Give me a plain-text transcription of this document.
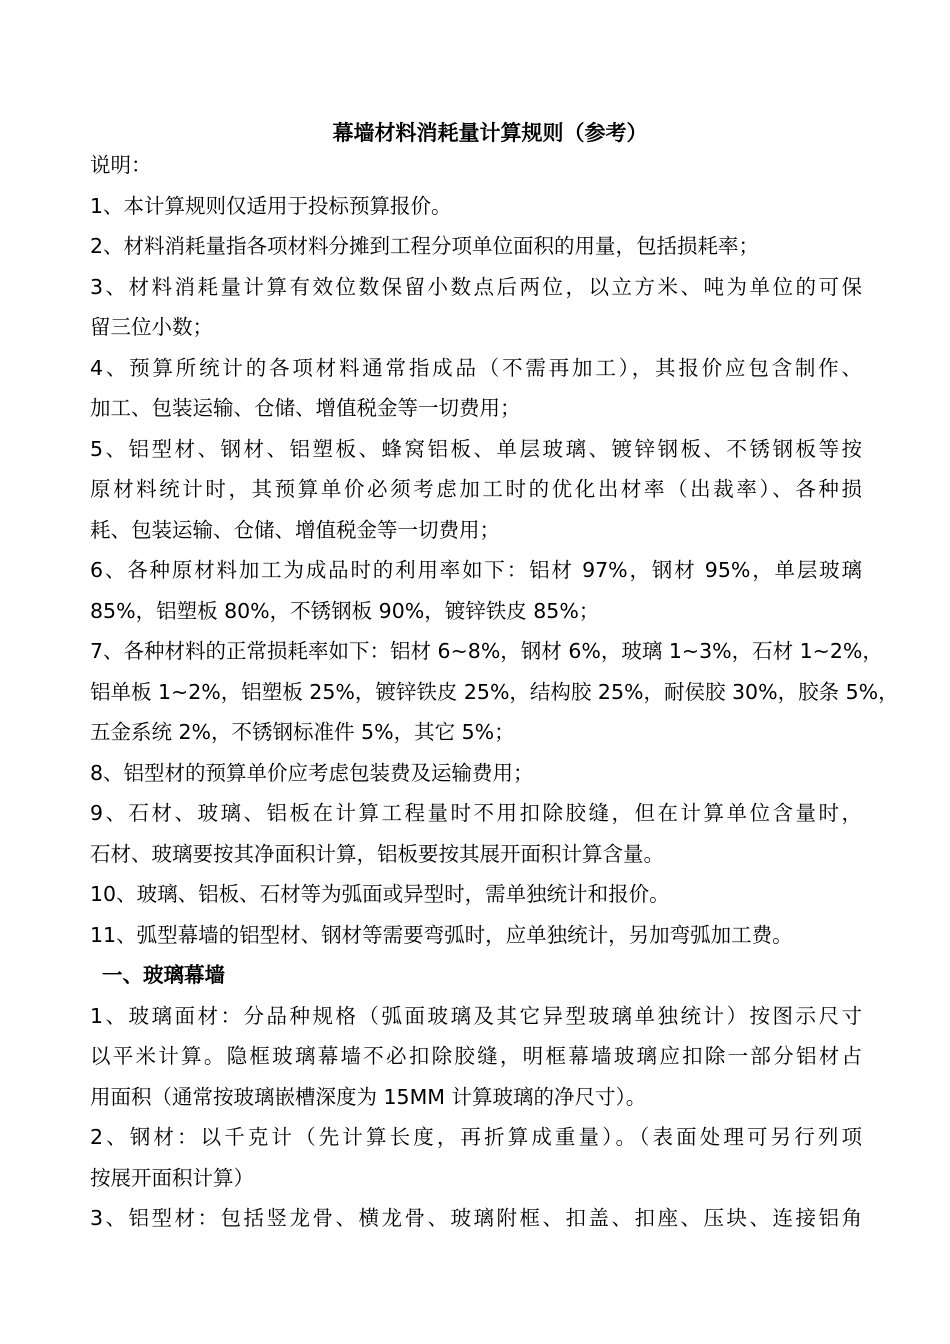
幕墙材料消耗量计算规则（参考）
说明：
1、本计算规则仅适用于投标预算报价。
2、材料消耗量指各项材料分摊到工程分项单位面积的用量，包括损耗率；
3、材料消耗量计算有效位数保留小数点后两位，以立方米、吨为单位的可保
留三位小数；
4、预算所统计的各项材料通常指成品（不需再加工），其报价应包含制作、
加工、包装运输、仓储、增值税金等一切费用；
5、铝型材、钢材、铝塑板、蜂窝铝板、单层玻璃、镀锌钢板、不锈钢板等按
原材料统计时，其预算单价必须考虑加工时的优化出材率（出裁率）、各种损
耗、包装运输、仓储、增值税金等一切费用；
6、各种原材料加工为成品时的利用率如下：铝材 97%，钢材 95%，单层玻璃
85%，铝塑板 80%，不锈钢板 90%，镀锌铁皮 85%；
7、各种材料的正常损耗率如下：铝材 6~8%，钢材 6%，玻璃 1~3%，石材 1~2%，
铝单板 1~2%，铝塑板 25%，镀锌铁皮 25%，结构胶 25%，耐侯胶 30%，胶条 5%，
五金系统 2%，不锈钢标准件 5%，其它 5%；
8、铝型材的预算单价应考虑包装费及运输费用；
9、石材、玻璃、铝板在计算工程量时不用扣除胶缝，但在计算单位含量时，
石材、玻璃要按其净面积计算，铝板要按其展开面积计算含量。
10、玻璃、铝板、石材等为弧面或异型时，需单独统计和报价。
11、弧型幕墙的铝型材、钢材等需要弯弧时，应单独统计，另加弯弧加工费。
一、玻璃幕墙
1、玻璃面材：分品种规格（弧面玻璃及其它异型玻璃单独统计）按图示尺寸
以平米计算。隐框玻璃幕墙不必扣除胶缝，明框幕墙玻璃应扣除一部分铝材占
用面积（通常按玻璃嵌槽深度为 15MM 计算玻璃的净尺寸）。
2、钢材：以千克计（先计算长度，再折算成重量）。（表面处理可另行列项
按展开面积计算）
3、铝型材：包括竖龙骨、横龙骨、玻璃附框、扣盖、扣座、压块、连接铝角
